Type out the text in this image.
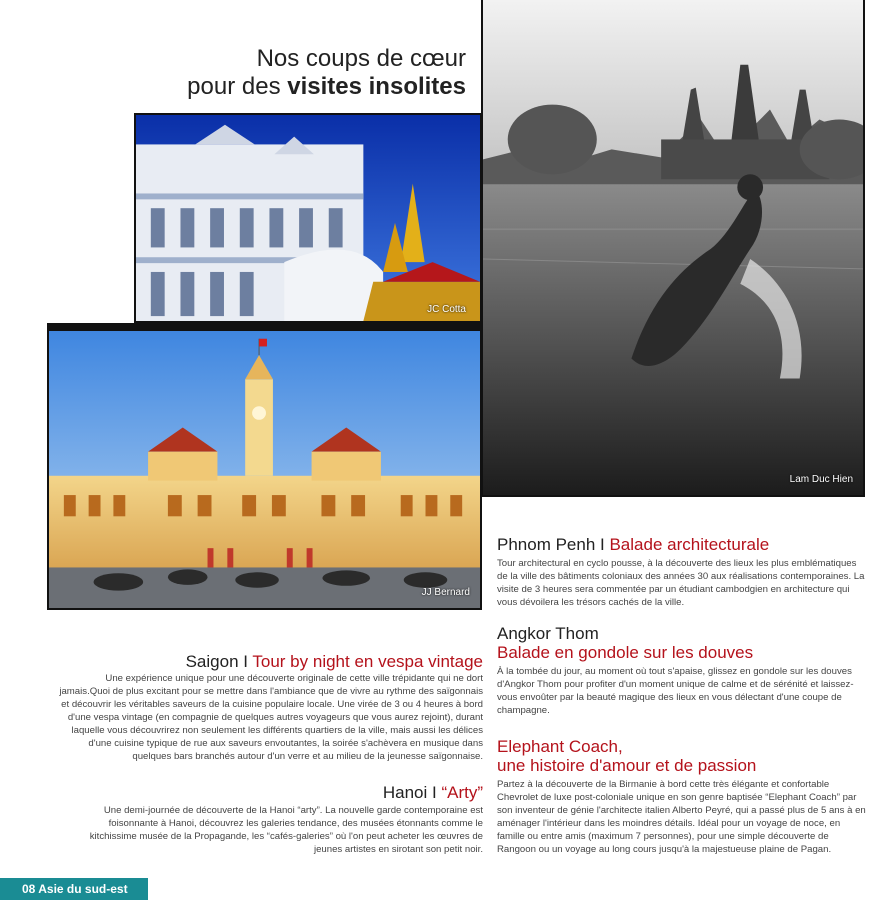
Nos coups de cœur
pour des visites insolites
Lam Duc Hien
JC Cotta
JJ Bernard
Saigon I Tour by night en vespa vintage

Une expérience unique pour une découverte originale de cette ville trépidante qui ne dort jamais.Quoi de plus excitant pour se mettre dans l'ambiance que de vivre au rythme des saïgonnais et découvrir les véritables saveurs de la cuisine populaire locale. Une virée de 3 ou 4 heures à bord d'une vespa vintage (en compagnie de quelques autres voyageurs que vous aurez rejoint), durant laquelle vous découvrirez non seulement les différents quartiers de la ville, mais aussi les délices d'une cuisine typique de rue aux saveurs envoutantes, la soirée s'achèvera en musique dans quelques bars branchés autour d'un verre et au milieu de la jeunesse saïgonnaise.

Hanoi I “Arty”

Une demi-journée de découverte de la Hanoi “arty”. La nouvelle garde contemporaine est foisonnante à Hanoi, découvrez les galeries tendance, des musées étonnants comme le kitchissime musée de la Propagande, les “cafés-galeries” où l'on peut acheter les œuvres de jeunes artistes en sirotant son petit noir.

Phnom Penh I Balade architecturale

Tour architectural en cyclo pousse, à la découverte des lieux les plus emblématiques de la ville des bâtiments coloniaux des années 30 aux réalisations contemporaines. La visite de 3 heures sera commentée par un étudiant cambodgien en architecture qui vous dévoilera les trésors cachés de la ville.

Angkor Thom
Balade en gondole sur les douves

À la tombée du jour, au moment où tout s'apaise, glissez en gondole sur les douves d'Angkor Thom pour profiter d'un moment unique de calme et de sérénité et laissez-vous envoûter par la beauté magique des lieux en vous délectant d'une coupe de champagne.

Elephant Coach,
une histoire d'amour et de passion

Partez à la découverte de la Birmanie à bord cette très élégante et confortable Chevrolet de luxe post-coloniale unique en son genre baptisée “Elephant Coach” par son inventeur de génie l'architecte italien Alberto Peyré, qui a passé plus de 5 ans à en aménager l'intérieur dans les moindres détails. Idéal pour un voyage de noce, en famille ou entre amis (maximum 7 personnes), pour une simple découverte de Rangoon ou un voyage au long cours jusqu'à la majestueuse plaine de Pagan.

08 Asie du sud-est
